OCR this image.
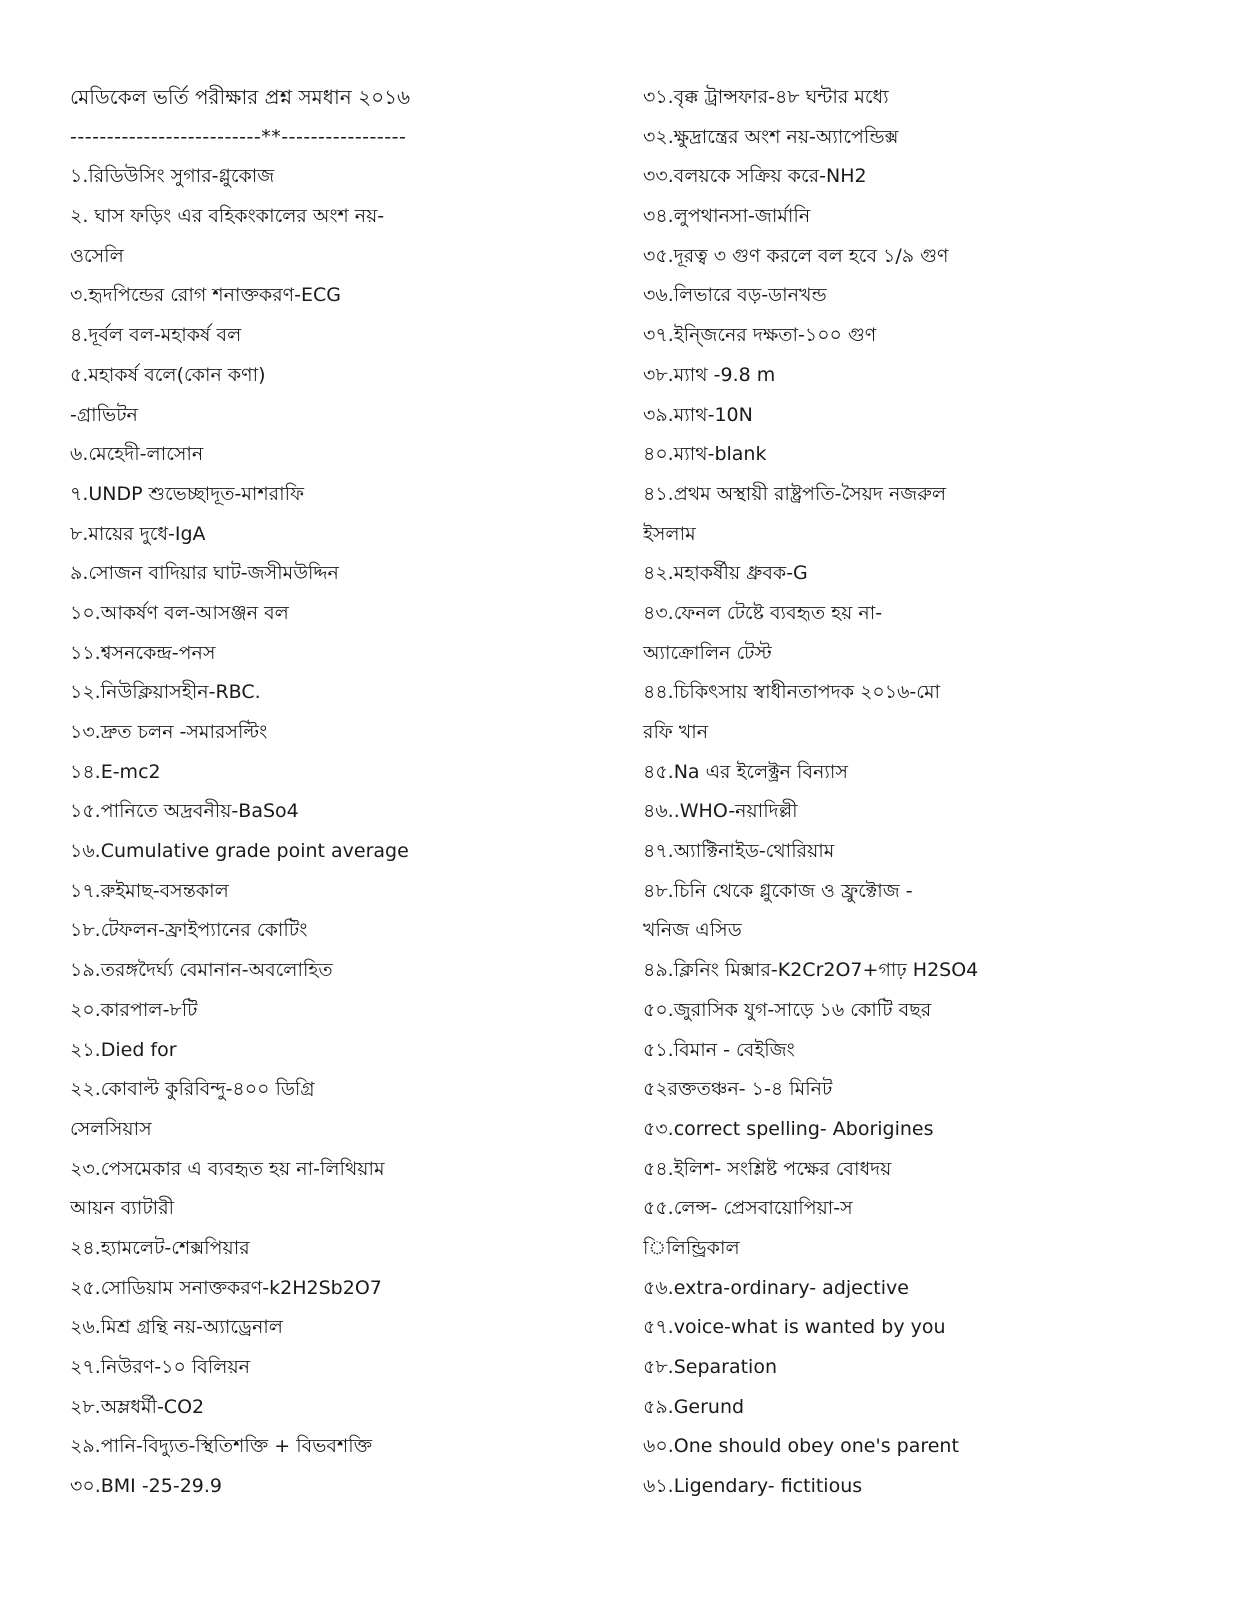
মেডিকেল ভর্তি পরীক্ষার প্রশ্ন সমধান ২০১৬
--------------------------**-----------------
১.রিডিউসিং সুগার-গ্লুকোজ
২. ঘাস ফড়িং এর বহিকংকালের অংশ নয়-
ওসেলি
৩.হৃদপিন্ডের রোগ শনাক্তকরণ-ECG
৪.দূর্বল বল-মহাকর্ষ বল
৫.মহাকর্ষ বলে(কোন কণা)
-গ্রাভিটন
৬.মেহেদী-লাসোন
৭.UNDP শুভেচ্ছাদূত-মাশরাফি
৮.মায়ের দুধে-IgA
৯.সোজন বাদিয়ার ঘাট-জসীমউদ্দিন
১০.আকর্ষণ বল-আসঞ্জন বল
১১.শ্বসনকেন্দ্র-পনস
১২.নিউক্লিয়াসহীন-RBC.
১৩.দ্রুত চলন -সমারসল্টিং
১৪.E-mc2
১৫.পানিতে অদ্রবনীয়-BaSo4
১৬.Cumulative grade point average
১৭.রুইমাছ-বসন্তকাল
১৮.টেফলন-ফ্রাইপ্যানের কোটিং
১৯.তরঙ্গদৈর্ঘ্য বেমানান-অবলোহিত
২০.কারপাল-৮টি
২১.Died for
২২.কোবাল্ট কুরিবিন্দু-৪০০ ডিগ্রি
সেলসিয়াস
২৩.পেসমেকার এ ব্যবহৃত হয় না-লিথিয়াম
আয়ন ব্যাটারী
২৪.হ্যামলেট-শেক্সপিয়ার
২৫.সোডিয়াম সনাক্তকরণ-k2H2Sb2O7
২৬.মিশ্র গ্রন্থি নয়-অ্যাড্রেনাল
২৭.নিউরণ-১০ বিলিয়ন
২৮.অম্লধর্মী-CO2
২৯.পানি-বিদ্যুত-স্থিতিশক্তি + বিভবশক্তি
৩০.BMI -25-29.9
৩১.বৃক্ক ট্রান্সফার-৪৮ ঘন্টার মধ্যে
৩২.ক্ষুদ্রান্ত্রের অংশ নয়-অ্যাপেন্ডিক্স
৩৩.বলয়কে সক্রিয় করে-NH2
৩৪.লুপথানসা-জার্মানি
৩৫.দূরত্ব ৩ গুণ করলে বল হবে ১/৯ গুণ
৩৬.লিভারে বড়-ডানখন্ড
৩৭.ইন্জিনের দক্ষতা-১০০ গুণ
৩৮.ম্যাথ -9.8 m
৩৯.ম্যাথ-10N
৪০.ম্যাথ-blank
৪১.প্রথম অস্থায়ী রাষ্ট্রপতি-সৈয়দ নজরুল
ইসলাম
৪২.মহাকর্ষীয় ধ্রুবক-G
৪৩.ফেনল টেষ্টে ব্যবহৃত হয় না-
অ্যাক্রোলিন টেস্ট
৪৪.চিকিৎসায় স্বাধীনতাপদক ২০১৬-মো
রফি খান
৪৫.Na এর ইলেক্ট্রন বিন্যাস
৪৬..WHO-নয়াদিল্লী
৪৭.অ্যাক্টিনাইড-থোরিয়াম
৪৮.চিনি থেকে গ্লুকোজ ও ফ্রুক্টোজ -
খনিজ এসিড
৪৯.ক্লিনিং মিক্সার-K2Cr2O7+গাঢ় H2SO4
৫০.জুরাসিক যুগ-সাড়ে ১৬ কোটি বছর
৫১.বিমান - বেইজিং
৫২রক্ততঞ্চন- ১-৪ মিনিট
৫৩.correct spelling- Aborigines
৫৪.ইলিশ- সংশ্লিষ্ট পক্ষের বোধদয়
৫৫.লেন্স- প্রেসবায়োপিয়া-স
িলিন্ড্রিকাল
৫৬.extra-ordinary- adjective
৫৭.voice-what is wanted by you
৫৮.Separation
৫৯.Gerund
৬০.One should obey one's parent
৬১.Ligendary- fictitious
